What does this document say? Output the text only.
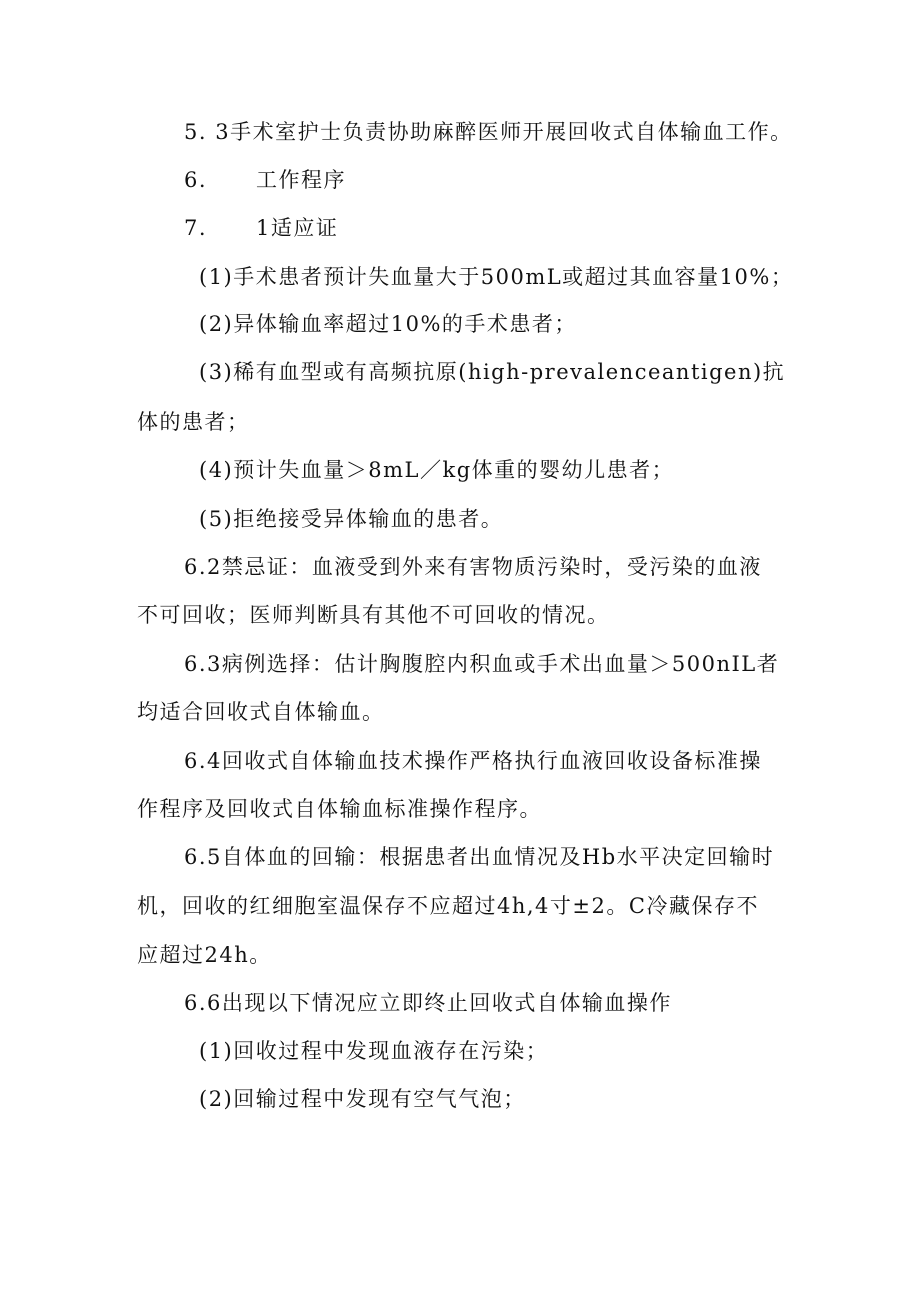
5. 3手术室护士负责协助麻醉医师开展回收式自体输血工作。
6. 工作程序
7. 1适应证
(1)手术患者预计失血量大于500mL或超过其血容量10%；
(2)异体输血率超过10%的手术患者；
(3)稀有血型或有高频抗原(high-prevalenceantigen)抗
体的患者；
(4)预计失血量＞8mL／kg体重的婴幼儿患者；
(5)拒绝接受异体输血的患者。
6.2禁忌证：血液受到外来有害物质污染时，受污染的血液
不可回收；医师判断具有其他不可回收的情况。
6.3病例选择：估计胸腹腔内积血或手术出血量＞500nIL者
均适合回收式自体输血。
6.4回收式自体输血技术操作严格执行血液回收设备标准操
作程序及回收式自体输血标准操作程序。
6.5自体血的回输：根据患者出血情况及Hb水平决定回输时
机，回收的红细胞室温保存不应超过4h,4寸±2。C冷藏保存不
应超过24h。
6.6出现以下情况应立即终止回收式自体输血操作
(1)回收过程中发现血液存在污染；
(2)回输过程中发现有空气气泡；
